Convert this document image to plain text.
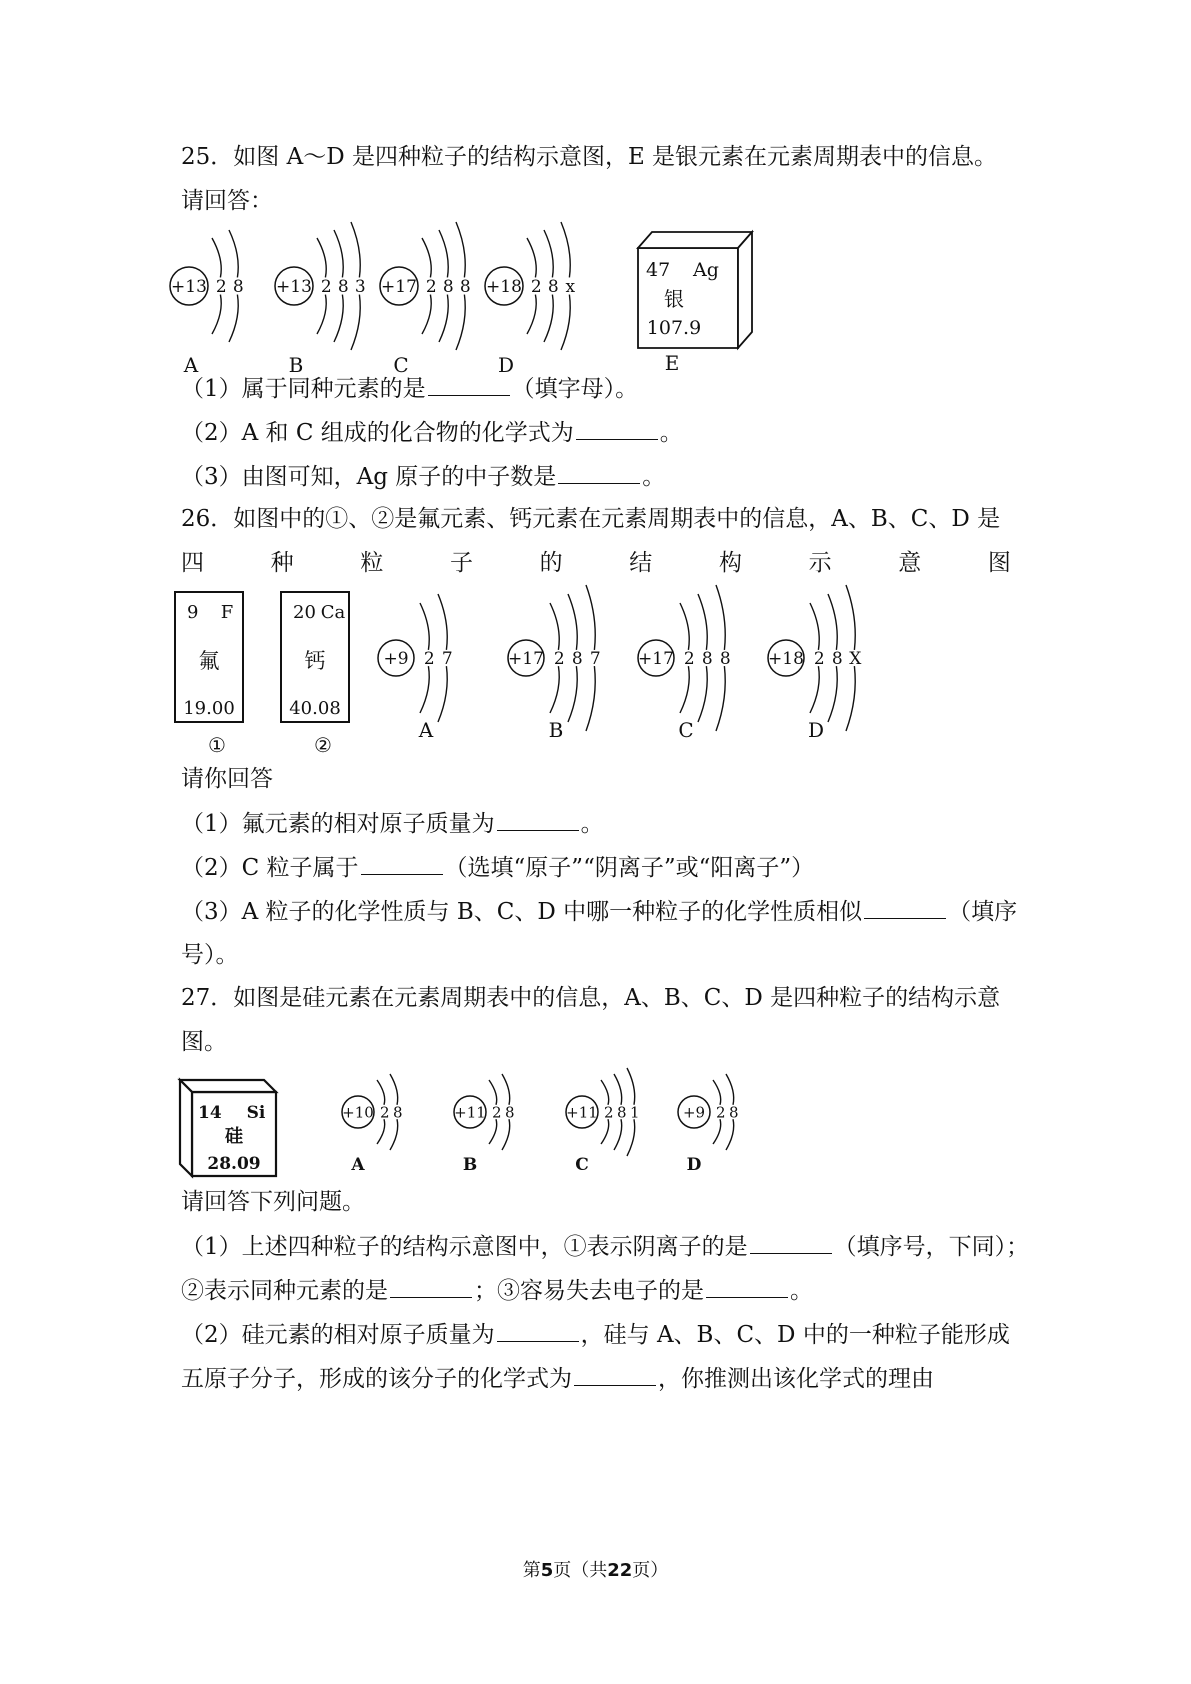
25．如图 A～D 是四种粒子的结构示意图，E 是银元素在元素周期表中的信息。
请回答：
+13 2 8
A
+13 2 8 3
B
+17 2 8 8
C
+18 2 8 x
D
47 Ag
银
107.9
E
（1）属于同种元素的是	（填字母）。
（2）A 和 C 组成的化合物的化学式为	。
（3）由图可知，Ag 原子的中子数是	。
26．如图中的①、②是氟元素、钙元素在元素周期表中的信息，A、B、C、D 是
四	种	粒	子	的	结	构	示	意	图
9 F
氟
19.00
①
20 Ca
钙
40.08
②
+9 2 7
A
+17 2 8 7
B
+17 2 8 8
C
+18 2 8 X
D
请你回答
（1）氟元素的相对原子质量为	。
（2）C 粒子属于	（选填“原子”“阴离子”或“阳离子”）
（3）A 粒子的化学性质与 B、C、D 中哪一种粒子的化学性质相似	（填序
号）。
27．如图是硅元素在元素周期表中的信息，A、B、C、D 是四种粒子的结构示意
图。
14 Si
硅
28.09
+10 2 8
A
+11 2 8
B
+11 2 8 1
C
+9 2 8
D
请回答下列问题。
（1）上述四种粒子的结构示意图中，①表示阴离子的是	（填序号，下同）；
②表示同种元素的是	；③容易失去电子的是	。
（2）硅元素的相对原子质量为	，硅与 A、B、C、D 中的一种粒子能形成
五原子分子，形成的该分子的化学式为	，你推测出该化学式的理由
第5页（共22页）
